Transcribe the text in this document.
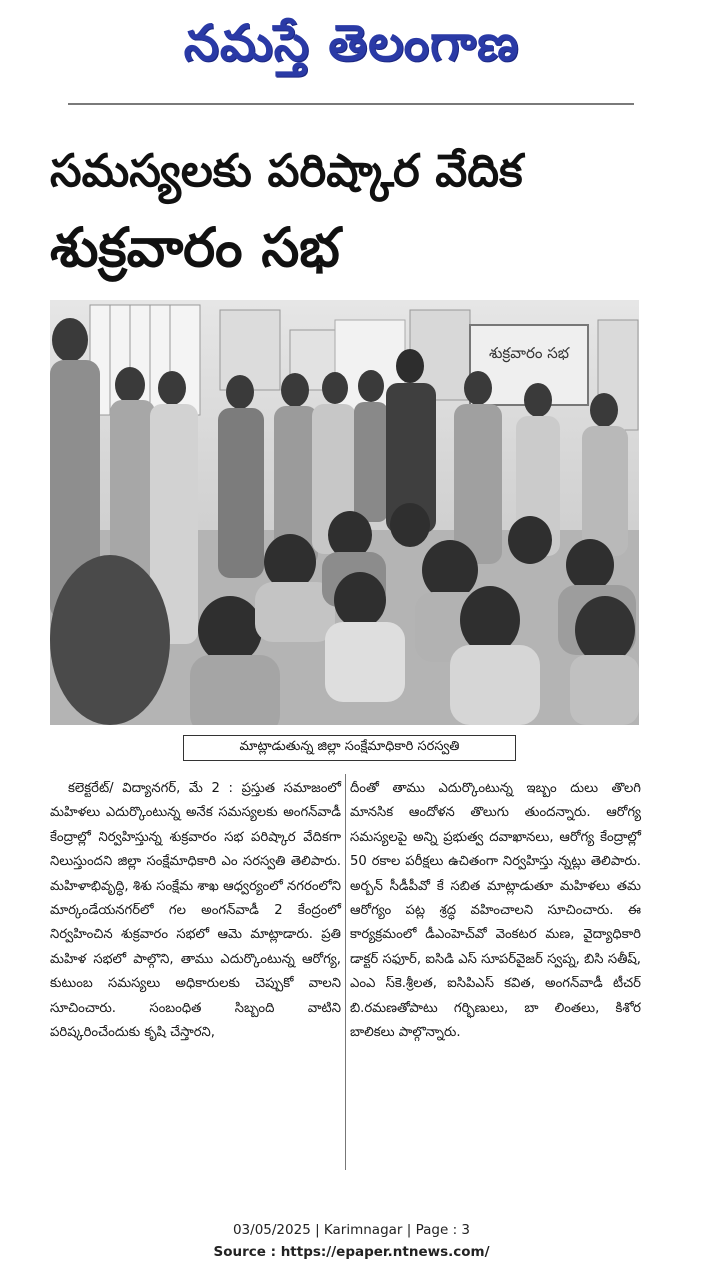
నమస్తే తెలంగాణ
సమస్యలకు పరిష్కార వేదిక
శుక్రవారం సభ
శుక్రవారం సభ
మాట్లాడుతున్న జిల్లా సంక్షేమాధికారి సరస్వతి

కలెక్టరేట్/ విద్యానగర్, మే 2 : ప్రస్తుత సమాజంలో మహిళలు ఎదుర్కొంటున్న అనేక సమస్యలకు అంగన్‌వాడీ కేంద్రాల్లో నిర్వహిస్తున్న శుక్రవారం సభ పరిష్కార వేదికగా నిలుస్తుందని జిల్లా సంక్షేమాధికారి ఎం సరస్వతి తెలిపారు. మహిళాభివృద్ధి, శిశు సంక్షేమ శాఖ ఆధ్వర్యంలో నగరంలోని మార్కండేయనగర్‌లో గల అంగన్‌వాడీ 2 కేంద్రంలో నిర్వహించిన శుక్రవారం సభలో ఆమె మాట్లాడారు. ప్రతి మహిళ సభలో పాల్గొని, తాము ఎదుర్కొంటున్న ఆరోగ్య, కుటుంబ సమస్యలు అధికారులకు చెప్పుకో వాలని సూచించారు. సంబంధిత సిబ్బంది వాటిని పరిష్కరించేందుకు కృషి చేస్తారని,

దీంతో తాము ఎదుర్కొంటున్న ఇబ్బం దులు తొలగి మానసిక ఆందోళన తొలుగు తుందన్నారు. ఆరోగ్య సమస్యలపై అన్ని ప్రభుత్వ దవాఖానలు, ఆరోగ్య కేంద్రాల్లో 50 రకాల పరీక్షలు ఉచితంగా నిర్వహిస్తు న్నట్లు తెలిపారు. అర్బన్ సీడీపీవో కే సబిత మాట్లాడుతూ మహిళలు తమ ఆరోగ్యం పట్ల శ్రద్ధ వహించాలని సూచించారు. ఈ కార్యక్రమంలో డీఎంహెచ్‌వో వెంకటర మణ, వైద్యాధికారి డాక్టర్ సఫూర్, ఐసిడి ఎస్ సూపర్‌వైజర్ స్వప్న, బిసి సతీష్, ఎంఎ స్‌కె.శ్రీలత, ఐసిపిఎస్ కవిత, అంగన్‌వాడీ టీచర్ బి.రమణతోపాటు గర్భిణులు, బా లింతలు, కిశోర బాలికలు పాల్గొన్నారు.

03/05/2025 | Karimnagar | Page : 3
Source : https://epaper.ntnews.com/
